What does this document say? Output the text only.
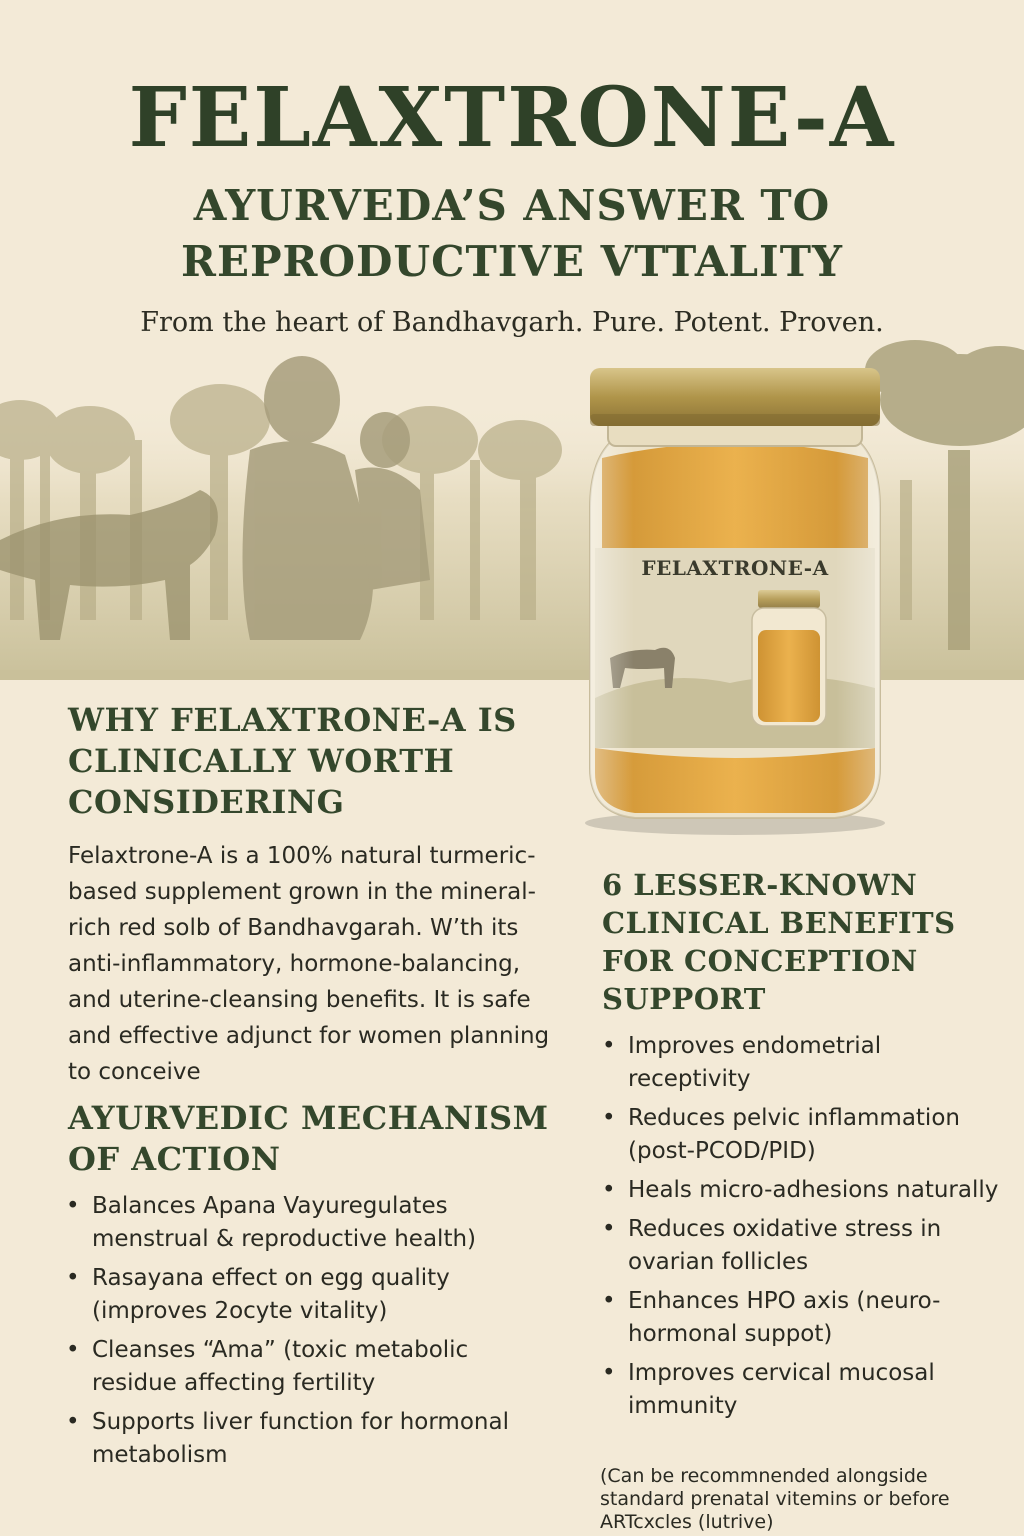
FELAXTRONE-A
AYURVEDA’S ANSWER TO
REPRODUCTIVE VTTALITY
From the heart of Bandhavgarh. Pure. Potent. Proven.
FELAXTRONE-A
WHY FELAXTRONE-A IS CLINICALLY WORTH CONSIDERING

Felaxtrone-A is a 100% natural turmeric-based supplement grown in the mineral-rich red solb of Bandhavgarah. W’th its anti-inflammatory, hormone-balancing, and uterine-cleansing benefits. It is safe and effective adjunct for women planning to conceive

AYURVEDIC MECHANISM OF ACTION
• Balances Apana Vayuregulates menstrual & reproductive health)
• Rasayana effect on egg quality (improves 2ocyte vitality)
• Cleanses “Ama” (toxic metabolic residue affecting fertility
• Supports liver function for hormonal metabolism
6 LESSER-KNOWN CLINICAL BENEFITS FOR CONCEPTION SUPPORT
• Improves endometrial receptivity
• Reduces pelvic inflammation (post-PCOD/PID)
• Heals micro-adhesions naturally
• Reduces oxidative stress in ovarian follicles
• Enhances HPO axis (neuro-hormonal suppot)
• Improves cervical mucosal immunity

(Can be recommnended alongside standard prenatal vitemins or before ARTcxcles (lutrive)
